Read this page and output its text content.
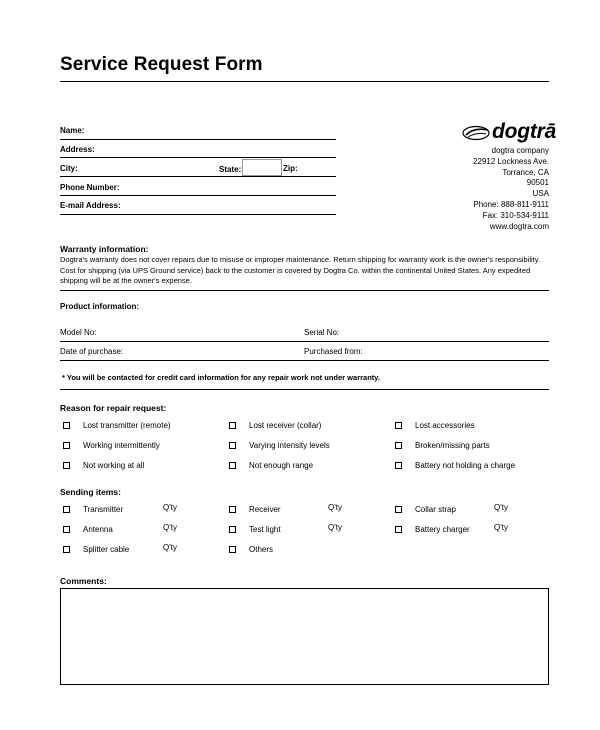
Service Request Form
Name:
Address:
City:	State:	Zip:
Phone Number:
E-mail Address:
dogtrā
dogtra company
22912 Lockness Ave.
Torrance, CA
90501
USA
Phone: 888-811-9111
Fax: 310-534-9111
www.dogtra.com
Warranty information:
Dogtra's warranty does not cover repairs due to misuse or improper maintenance. Return shipping for warranty work is the owner's responsibility.
Cost for shipping (via UPS Ground service) back to the customer is covered by Dogtra Co. within the continental United States. Any expedited
shipping will be at the owner's expense.
Product information:
Model No:	Serial No:
Date of purchase:	Purchased from:
* You will be contacted for credit card information for any repair work not under warranty.
Reason for repair request:
Lost transmitter (remote)
Working intermittently
Not working at all
Lost receiver (collar)
Varying intensity levels
Not enough range
Lost accessories
Broken/missing parts
Battery not holding a charge
Sending items:
Transmitter	Q'ty
Antenna	Q'ty
Splitter cable	Q'ty
Receiver	Q'ty
Test light	Q'ty
Others
Collar strap	Q'ty
Battery charger	Q'ty
Comments:
